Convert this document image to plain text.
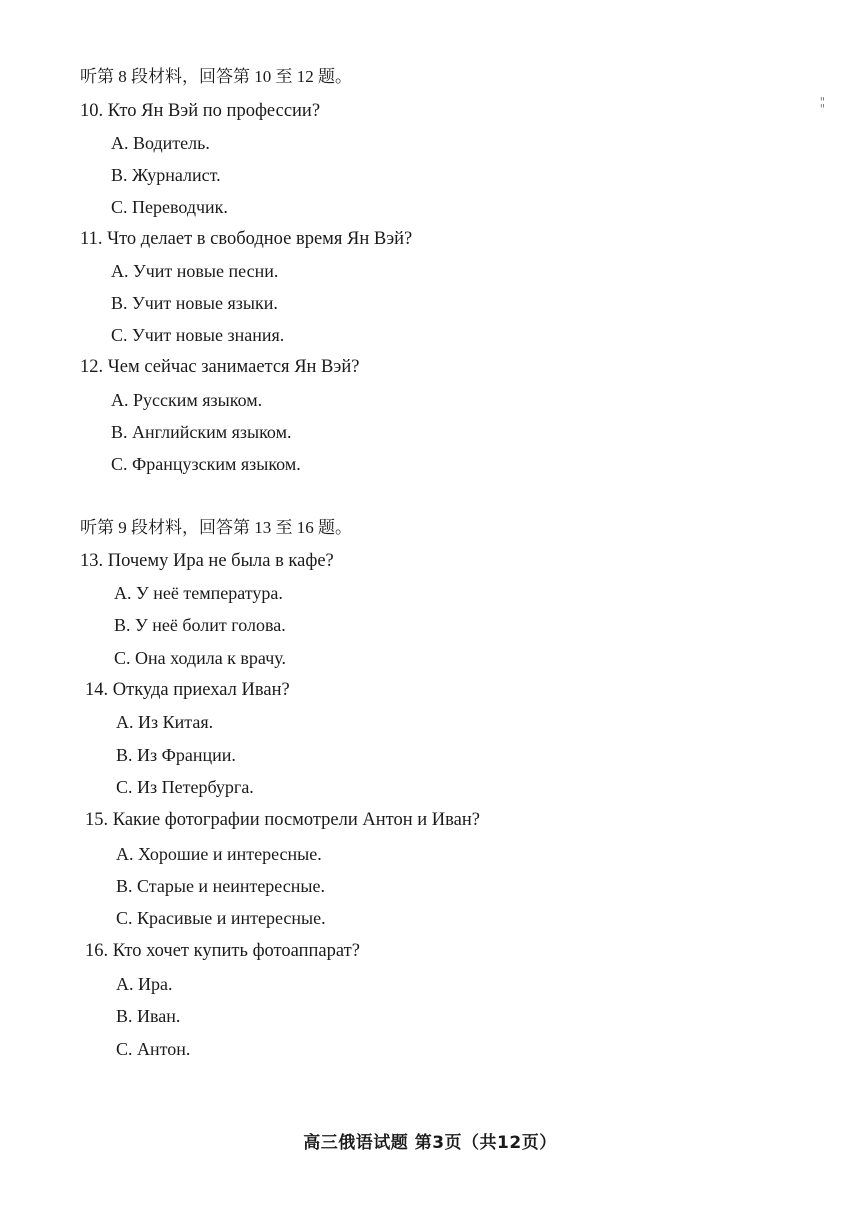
¦¦
听第 8 段材料，回答第 10 至 12 题。
10. Кто Ян Вэй по профессии?
A. Водитель.
B. Журналист.
C. Переводчик.
11. Что делает в свободное время Ян Вэй?
A. Учит новые песни.
B. Учит новые языки.
C. Учит новые знания.
12. Чем сейчас занимается Ян Вэй?
A. Русским языком.
B. Английским языком.
C. Французским языком.
听第 9 段材料，回答第 13 至 16 题。
13. Почему Ира не была в кафе?
A. У неё температура.
B. У неё болит голова.
C. Она ходила к врачу.
14. Откуда приехал Иван?
A. Из Китая.
B. Из Франции.
C. Из Петербурга.
15. Какие фотографии посмотрели Антон и Иван?
A. Хорошие и интересные.
B. Старые и неинтересные.
C. Красивые и интересные.
16. Кто хочет купить фотоаппарат?
A. Ира.
B. Иван.
C. Антон.
高三俄语试题 第3页（共12页）
